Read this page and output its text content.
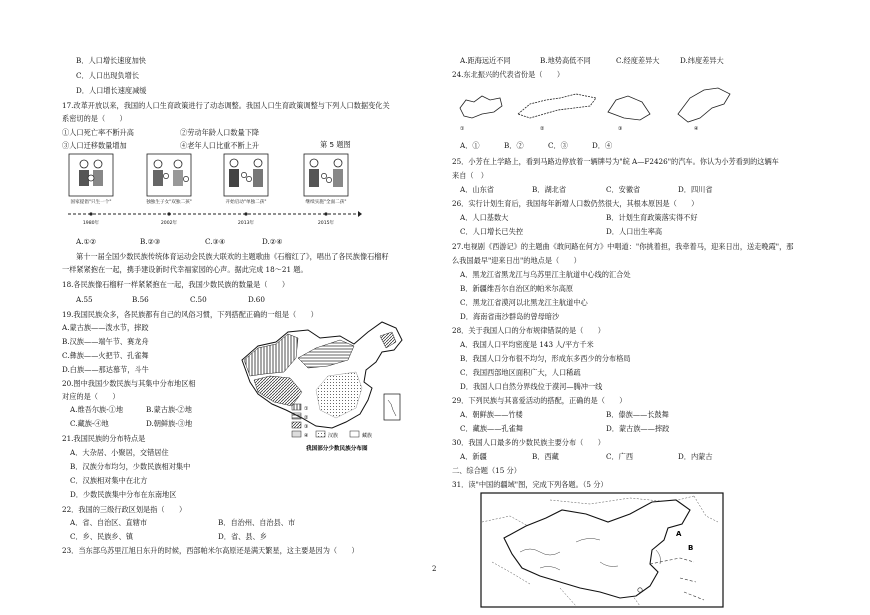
B．人口增长速度加快
C．人口出现负增长
D．人口增长速度减缓
17.改革开放以来，我国的人口生育政策进行了动态调整。我国人口生育政策调整与下列人口数据变化关
系密切的是（　　）
①人口死亡率不断升高	②劳动年龄人口数量下降
③人口迁移数量增加	④老年人口比重不断上升	第 5 题图
国家提倡"只生一个"	独独生子女"双独二孩"	开始启动"单独二孩"	继续实施"全面二孩"
1980年	2002年	2013年	2015年
A.①②	B.②③	C.③④	D.②④
第十一届全国少数民族传统体育运动会民族大联欢的主题歌曲《石榴红了》，唱出了各民族像石榴籽
一样紧紧抱在一起，携手建设新时代幸福家园的心声。据此完成 18～21 题。
18.各民族像石榴籽一样紧紧抱在一起，我国少数民族的数量是（　　）
A.55	B.56	C.50	D.60
19.我国民族众多，各民族都有自己的风俗习惯，下列搭配正确的一组是（　　）
A.蒙古族——泼水节，摔跤
B.汉族——端午节、赛龙舟
C.彝族——火把节、孔雀舞
D.白族——那达慕节，斗牛
20.图中我国少数民族与其集中分布地区相
对应的是（　　）
A.维吾尔族-①地	B.蒙古族-②地
C.藏族-④地	D.朝鲜族-③地
21.我国民族的分布特点是
A．大杂居、小聚居，交错居住
B．汉族分布均匀，少数民族相对集中
C．汉族相对集中在北方
D．少数民族集中分布在东南地区
22．我国的三级行政区划是指（　　）
A．省、自治区、直辖市	B．自治州、自治县、市
C．乡、民族乡、镇	D．省、县、乡
23．当东部乌苏里江旭日东升的时候，西部帕米尔高原还是满天繁星，这主要是因为（　　）
①
②
③
④	汉族	藏族
我国部分少数民族分布图
A.距海远近不同	B.地势高低不同	C.经度差异大	D.纬度差异大
24.东北振兴的代表省份是（　　）
①	②	③	④
A．①	B．②	C．③	D．④
25．小芳在上学路上，看到马路边停放着一辆牌号为"皖 A—F2426"的汽车。你认为小芳看到的这辆车
来自（　）
A．山东省	B．湖北省	C．安徽省	D．四川省
26．实行计划生育后，我国每年新增人口数仍然很大，其根本原因是（　　）
A．人口基数大	B．计划生育政策落实得不好
C．人口增长已失控	D．人口出生率高
27.电视剧《西游记》的主题曲《敢问路在何方》中唱道："你挑着担，我牵着马，迎来日出，送走晚霞"，那
么我国最早"迎来日出"的地点是（　　）
A．黑龙江省黑龙江与乌苏里江主航道中心线的汇合处
B．新疆维吾尔自治区的帕米尔高原
C．黑龙江省漠河以北黑龙江主航道中心
D．海南省南沙群岛的曾母暗沙
28．关于我国人口的分布规律错误的是（　　）
A．我国人口平均密度是 143 人/平方千米
B．我国人口分布很不均匀，形成东多西少的分布格局
C．我国西部地区面积广大，人口稀疏
D．我国人口自然分界线位于漠河—腾冲一线
29．下列民族与其喜爱活动的搭配，正确的是（　　）
A．朝鲜族——竹楼	B．傣族——长鼓舞
C．藏族——孔雀舞	D．蒙古族——摔跤
30．我国人口最多的少数民族主要分布（　　）
A．新疆	B．西藏	C．广西	D．内蒙古
二、综合题（15 分）
31．读"中国的疆域"图，完成下列各题。（5 分）
A
B
2
